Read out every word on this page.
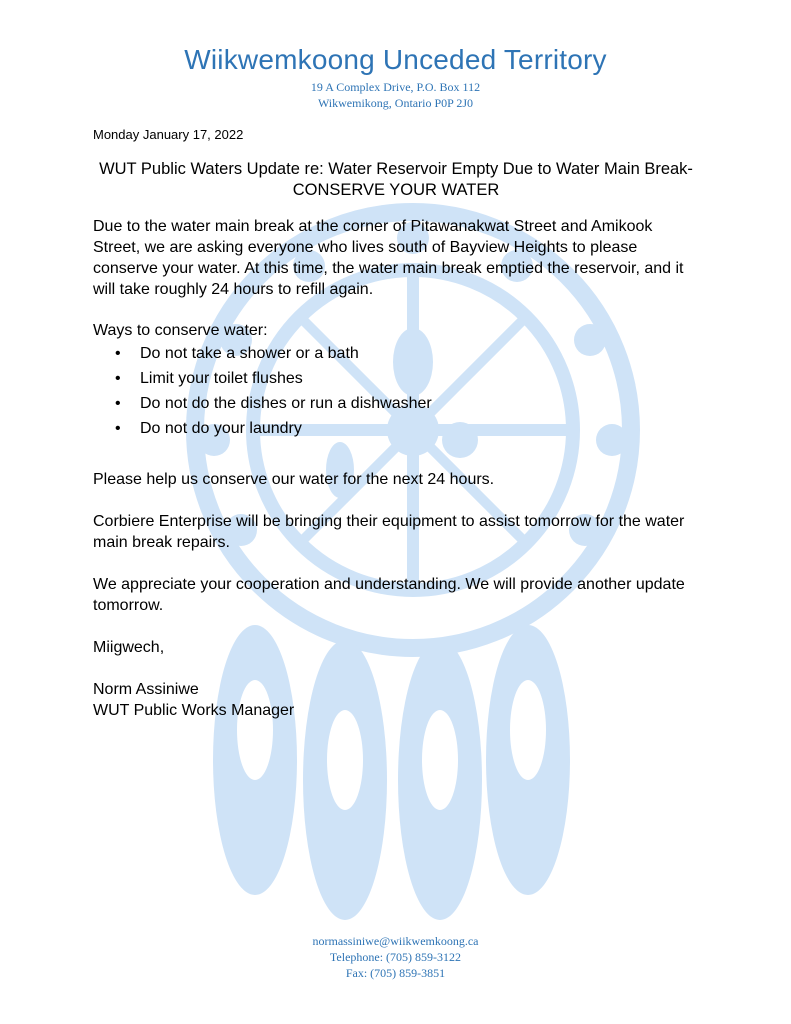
Wiikwemkoong Unceded Territory
19 A Complex Drive, P.O. Box 112
Wikwemikong, Ontario P0P 2J0
Monday January 17, 2022
WUT Public Waters Update re: Water Reservoir Empty Due to Water Main Break- CONSERVE YOUR WATER
Due to the water main break at the corner of Pitawanakwat Street and Amikook Street, we are asking everyone who lives south of Bayview Heights to please conserve your water. At this time, the water main break emptied the reservoir, and it will take roughly 24 hours to refill again.
Ways to conserve water:
• Do not take a shower or a bath
• Limit your toilet flushes
• Do not do the dishes or run a dishwasher
• Do not do your laundry
Please help us conserve our water for the next 24 hours.
Corbiere Enterprise will be bringing their equipment to assist tomorrow for the water main break repairs.
We appreciate your cooperation and understanding. We will provide another update tomorrow.
Miigwech,
Norm Assiniwe
WUT Public Works Manager
normassiniwe@wiikwemkoong.ca
Telephone: (705) 859-3122
Fax: (705) 859-3851
